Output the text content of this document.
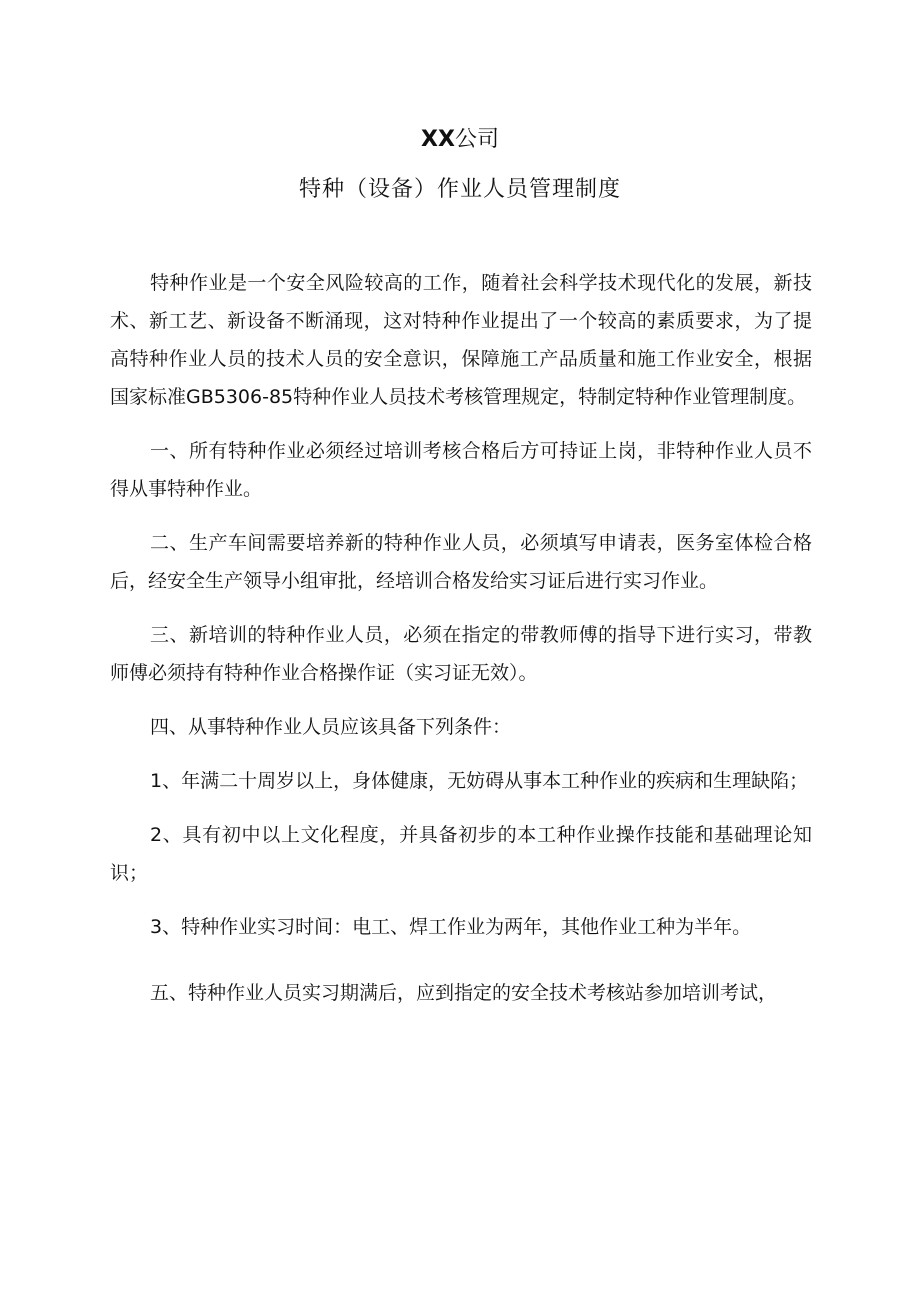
XX公司
特种（设备）作业人员管理制度

特种作业是一个安全风险较高的工作，随着社会科学技术现代化的发展，新技术、新工艺、新设备不断涌现，这对特种作业提出了一个较高的素质要求，为了提高特种作业人员的技术人员的安全意识，保障施工产品质量和施工作业安全，根据国家标准GB5306-85特种作业人员技术考核管理规定，特制定特种作业管理制度。

一、所有特种作业必须经过培训考核合格后方可持证上岗，非特种作业人员不得从事特种作业。

二、生产车间需要培养新的特种作业人员，必须填写申请表，医务室体检合格后，经安全生产领导小组审批，经培训合格发给实习证后进行实习作业。

三、新培训的特种作业人员，必须在指定的带教师傅的指导下进行实习，带教师傅必须持有特种作业合格操作证（实习证无效）。

四、从事特种作业人员应该具备下列条件：

1、年满二十周岁以上，身体健康，无妨碍从事本工种作业的疾病和生理缺陷；

2、具有初中以上文化程度，并具备初步的本工种作业操作技能和基础理论知识；

3、特种作业实习时间：电工、焊工作业为两年，其他作业工种为半年。

五、特种作业人员实习期满后，应到指定的安全技术考核站参加培训考试，
